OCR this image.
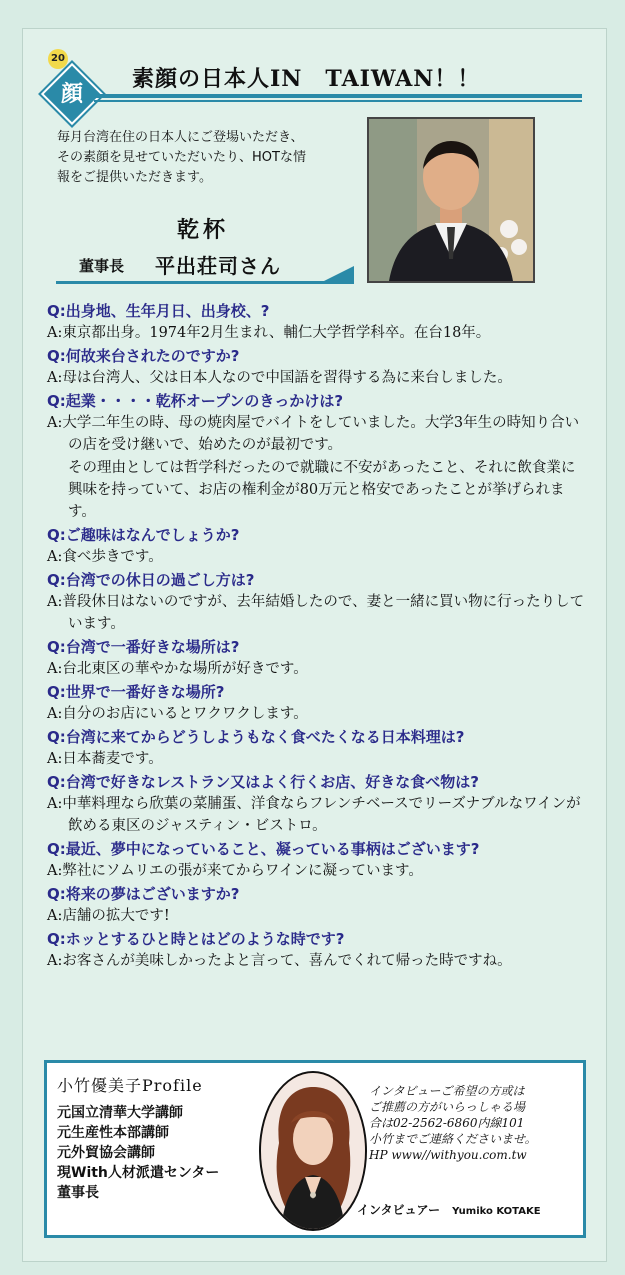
20
顔
素顔の日本人IN　TAIWAN！！
毎月台湾在住の日本人にご登場いただき、
その素顔を見せていただいたり、HOTな情
報をご提供いただきます。
乾杯
董事長 平出荘司さん

Q:出身地、生年月日、出身校、?

A:東京都出身。1974年2月生まれ、輔仁大学哲学科卒。在台18年。

Q:何故来台されたのですか?

A:母は台湾人、父は日本人なので中国語を習得する為に来台しました。

Q:起業・・・・乾杯オープンのきっかけは?

A:大学二年生の時、母の焼肉屋でバイトをしていました。大学3年生の時知り合いの店を受け継いで、始めたのが最初です。

その理由としては哲学科だったので就職に不安があったこと、それに飲食業に興味を持っていて、お店の権利金が80万元と格安であったことが挙げられます。

Q:ご趣味はなんでしょうか?

A:食べ歩きです。

Q:台湾での休日の過ごし方は?

A:普段休日はないのですが、去年結婚したので、妻と一緒に買い物に行ったりしています。

Q:台湾で一番好きな場所は?

A:台北東区の華やかな場所が好きです。

Q:世界で一番好きな場所?

A:自分のお店にいるとワクワクします。

Q:台湾に来てからどうしようもなく食べたくなる日本料理は?

A:日本蕎麦です。

Q:台湾で好きなレストラン又はよく行くお店、好きな食べ物は?

A:中華料理なら欣葉の菜脯蛋、洋食ならフレンチベースでリーズナブルなワインが飲める東区のジャスティン・ビストロ。

Q:最近、夢中になっていること、凝っている事柄はございます?

A:弊社にソムリエの張が来てからワインに凝っています。

Q:将来の夢はございますか?

A:店舗の拡大です!

Q:ホッとするひと時とはどのような時です?

A:お客さんが美味しかったよと言って、喜んでくれて帰った時ですね。

小竹優美子Profile
元国立清華大学講師
元生産性本部講師
元外貿協会講師
現With人材派遣センター
董事長
インタビューご希望の方或は
ご推薦の方がいらっしゃる場
合は02-2562-6860内線101
小竹までご連絡くださいませ。
HP www//withyou.com.tw
インタビュアー Yumiko KOTAKE
